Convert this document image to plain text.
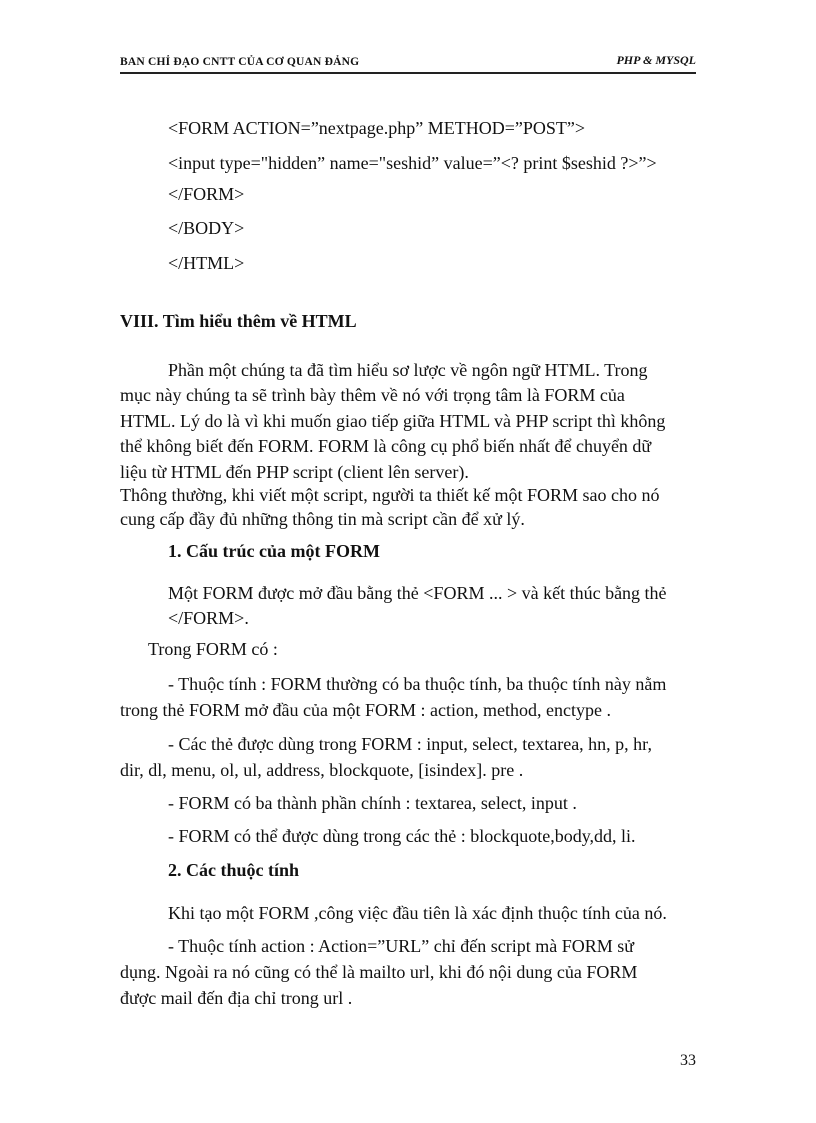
BAN CHỈ ĐẠO CNTT CỦA CƠ QUAN ĐẢNG	PHP & MYSQL
<FORM ACTION=”nextpage.php” METHOD=”POST”>
<input type="hidden” name="seshid” value=”<? print $seshid ?>”>
</FORM>
</BODY>
</HTML>
VIII. Tìm hiểu thêm về HTML
Phần một chúng ta đã tìm hiểu sơ lược về ngôn ngữ HTML. Trong
mục này chúng ta sẽ trình bày thêm về nó với trọng tâm là FORM của
HTML. Lý do là vì khi muốn giao tiếp giữa HTML và PHP script thì không
thể không biết đến FORM. FORM là công cụ phổ biến nhất để chuyển dữ
liệu từ HTML đến PHP script (client lên server).
Thông thường, khi viết một script, người ta thiết kế một FORM sao cho nó
cung cấp đầy đủ những thông tin mà script cần để xử lý.
1. Cấu trúc của một FORM
Một FORM được mở đầu bằng thẻ <FORM ... > và kết thúc bằng thẻ
</FORM>.
Trong FORM có :
- Thuộc tính : FORM thường có ba thuộc tính, ba thuộc tính này nằm
trong thẻ FORM mở đầu của một FORM : action, method, enctype .
- Các thẻ được dùng trong FORM : input, select, textarea, hn, p, hr,
dir, dl, menu, ol, ul, address, blockquote, [isindex]. pre .
- FORM có ba thành phần chính : textarea, select, input .
- FORM có thể được dùng trong các thẻ : blockquote,body,dd, li.
2. Các thuộc tính
Khi tạo một FORM ,công việc đầu tiên là xác định thuộc tính của nó.
- Thuộc tính action : Action=”URL” chỉ đến script mà FORM sử
dụng. Ngoài ra nó cũng có thể là mailto url, khi đó nội dung của FORM
được mail đến địa chỉ trong url .
33
